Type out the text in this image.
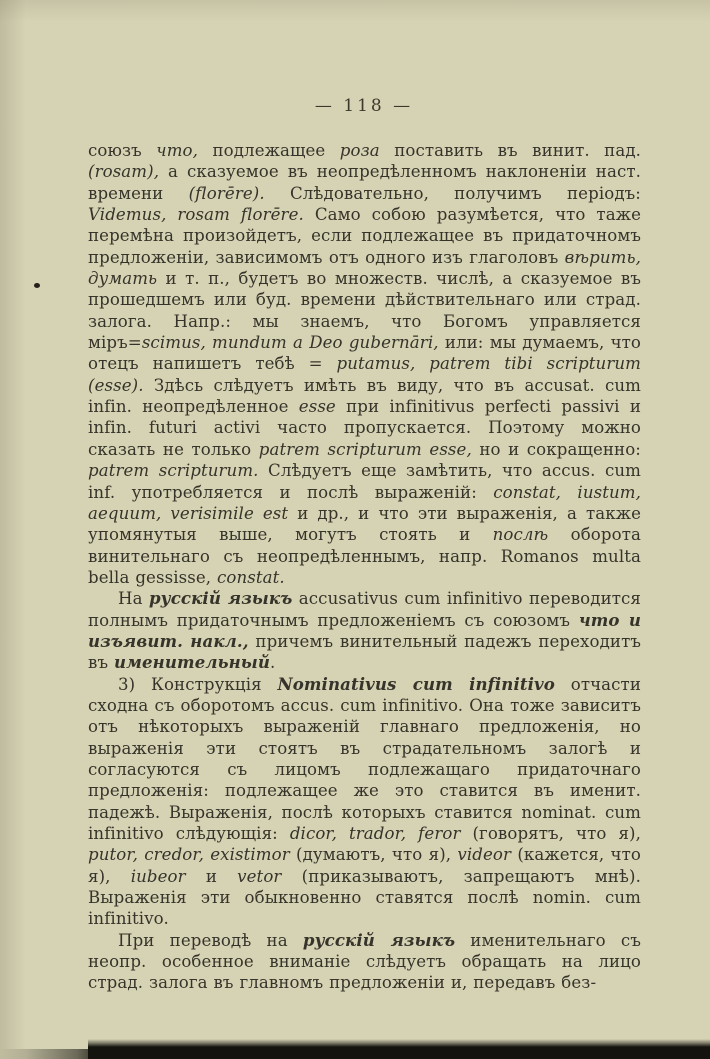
— 118 —

союзъ что, подлежащее роза поставить въ винит. пад. (rosam), а сказуемое въ неопредѣленномъ наклоненіи наст. времени (florēre). Слѣдовательно, получимъ періодъ: Videmus, rosam florēre. Само собою разумѣется, что таже перемѣна произойдетъ, если подлежащее въ придаточномъ предложеніи, зависимомъ отъ одного изъ глаголовъ вѣрить, думать и т. п., будетъ во множеств. числѣ, а сказуемое въ прошедшемъ или буд. времени дѣйствительнаго или страд. залога. Напр.: мы знаемъ, что Богомъ управляется міръ=scimus, mundum a Deo gubernāri, или: мы думаемъ, что отецъ напишетъ тебѣ = putamus, patrem tibi scripturum (esse). Здѣсь слѣдуетъ имѣть въ виду, что въ accusat. cum infin. неопредѣленное esse при infinitivus perfecti passivi и infin. futuri activi часто пропускается. Поэтому можно сказать не только patrem scripturum esse, но и сокращенно: patrem scripturum. Слѣдуетъ еще замѣтить, что accus. cum inf. употребляется и послѣ выраженій: constat, iustum, aequum, verisimile est и др., и что эти выраженія, а также упомянутыя выше, могутъ стоять и послѣ оборота винительнаго съ неопредѣленнымъ, напр. Romanos multa bella gessisse, constat.

На русскій языкъ accusativus cum infinitivo переводится полнымъ придаточнымъ предложеніемъ съ союзомъ что и изъявит. накл., причемъ винительный падежъ переходитъ въ именительный.

3) Конструкція Nominativus cum infinitivo отчасти сходна съ оборотомъ accus. cum infinitivo. Она тоже зависитъ отъ нѣкоторыхъ выраженій главнаго предложенія, но выраженія эти стоятъ въ страдательномъ залогѣ и согласуются съ лицомъ подлежащаго придаточнаго предложенія: подлежащее же это ставится въ именит. падежѣ. Выраженія, послѣ которыхъ ставится nominat. cum infinitivo слѣдующія: dicor, trador, feror (говорятъ, что я), putor, credor, existimor (думаютъ, что я), videor (кажется, что я), iubeor и vetor (приказываютъ, запрещаютъ мнѣ). Выраженія эти обыкновенно ставятся послѣ nomin. cum infinitivo.

При переводѣ на русскій языкъ именительнаго съ неопр. особенное вниманіе слѣдуетъ обращать на лицо страд. залога въ главномъ предложеніи и, передавъ без-
